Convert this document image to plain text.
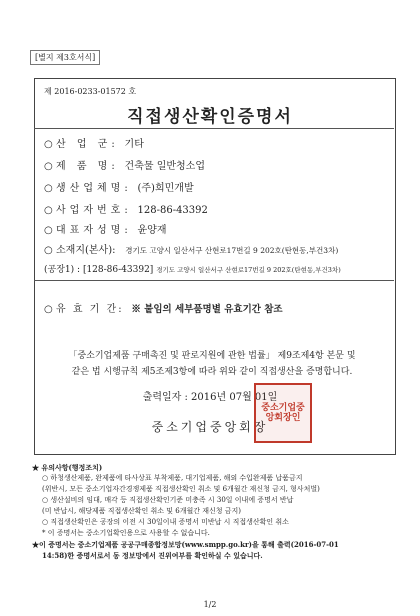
[별지 제3호서식]
제 2016-0233-01572 호
직접생산확인증명서
○ 산 업 군: 기타
○ 제 품 명: 건축물 일반청소업
○ 생산업체명: (주)희민개발
○ 사업자번호: 128-86-43392
○ 대표자성명: 윤양재
○ 소재지(본사): 경기도 고양시 일산서구 산현로17번길 9 202호(탄현동,부건3차)
(공장1) : [128-86-43392] 경기도 고양시 일산서구 산현로17번길 9 202호(탄현동,부건3차)
○ 유 효 기 간: ※ 붙임의 세부품명별 유효기간 참조
「중소기업제품 구매촉진 및 판로지원에 관한 법률」 제9조제4항 본문 및
같은 법 시행규칙 제5조제3항에 따라 위와 같이 직접생산을 증명합니다.
출력일자 : 2016년 07월 01일
중소기업중앙회장
중소기업중앙회장인
★ 유의사항(행정조치)
○ 하청생산제품, 완제품에 타사상표 부착제품, 대기업제품, 해외 수입완제품 납품금지
(위반시, 모든 중소기업자간경쟁제품 직접생산확인 취소 및 6개월간 재신청 금지, 형사처벌)
○ 생산설비의 임대, 매각 등 직접생산확인기준 미충족 시 30일 이내에 증명서 반납
(미 반납시, 해당제품 직접생산확인 취소 및 6개월간 재신청 금지)
○ 직접생산확인은 공장의 이전 시 30일이내 증명서 미반납 시 직접생산확인 취소
* 이 증명서는 중소기업확인용으로 사용할 수 없습니다.
★이 증명서는 중소기업제품 공공구매종합정보망(www.smpp.go.kr)을 통해 출력(2016-07-01
14:58)한 증명서로서 동 정보망에서 진위여부를 확인하실 수 있습니다.
1/2
